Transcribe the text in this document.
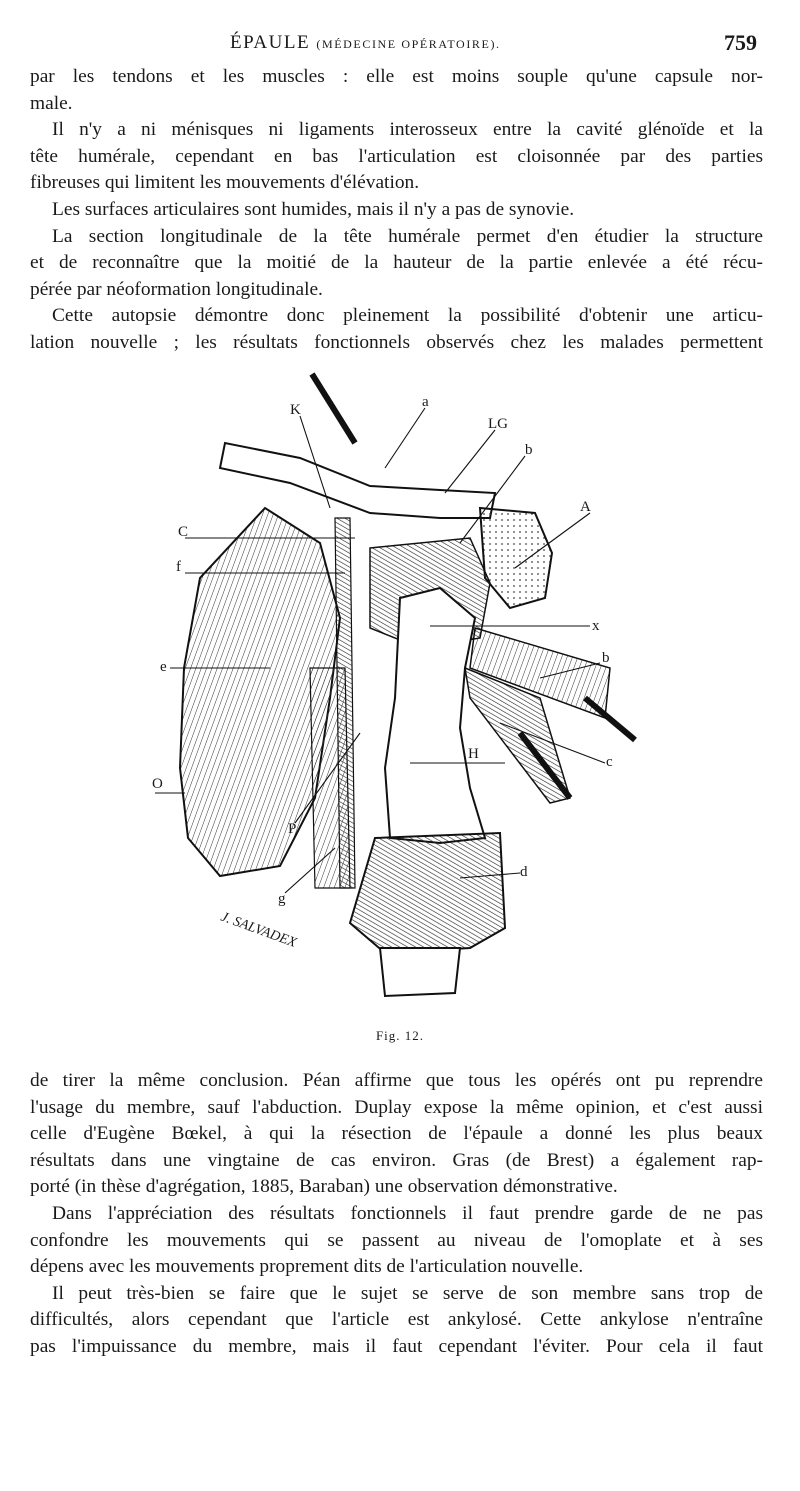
ÉPAULE (MÉDECINE OPÉRATOIRE).	759
par les tendons et les muscles : elle est moins souple qu'une capsule nor-
male.
Il n'y a ni ménisques ni ligaments interosseux entre la cavité glénoïde et la
tête humérale, cependant en bas l'articulation est cloisonnée par des parties
fibreuses qui limitent les mouvements d'élévation.
Les surfaces articulaires sont humides, mais il n'y a pas de synovie.
La section longitudinale de la tête humérale permet d'en étudier la structure
et de reconnaître que la moitié de la hauteur de la partie enlevée a été récu-
pérée par néoformation longitudinale.
Cette autopsie démontre donc pleinement la possibilité d'obtenir une articu-
lation nouvelle ; les résultats fonctionnels observés chez les malades permettent
K	a
LG
b
A
C
f
x
e
b
O
H	c
P
d
g
J. SALVADEX
Fig. 12.
de tirer la même conclusion. Péan affirme que tous les opérés ont pu reprendre
l'usage du membre, sauf l'abduction. Duplay expose la même opinion, et c'est aussi
celle d'Eugène Bœkel, à qui la résection de l'épaule a donné les plus beaux
résultats dans une vingtaine de cas environ. Gras (de Brest) a également rap-
porté (in thèse d'agrégation, 1885, Baraban) une observation démonstrative.
Dans l'appréciation des résultats fonctionnels il faut prendre garde de ne pas
confondre les mouvements qui se passent au niveau de l'omoplate et à ses
dépens avec les mouvements proprement dits de l'articulation nouvelle.
Il peut très-bien se faire que le sujet se serve de son membre sans trop de
difficultés, alors cependant que l'article est ankylosé. Cette ankylose n'entraîne
pas l'impuissance du membre, mais il faut cependant l'éviter. Pour cela il faut
